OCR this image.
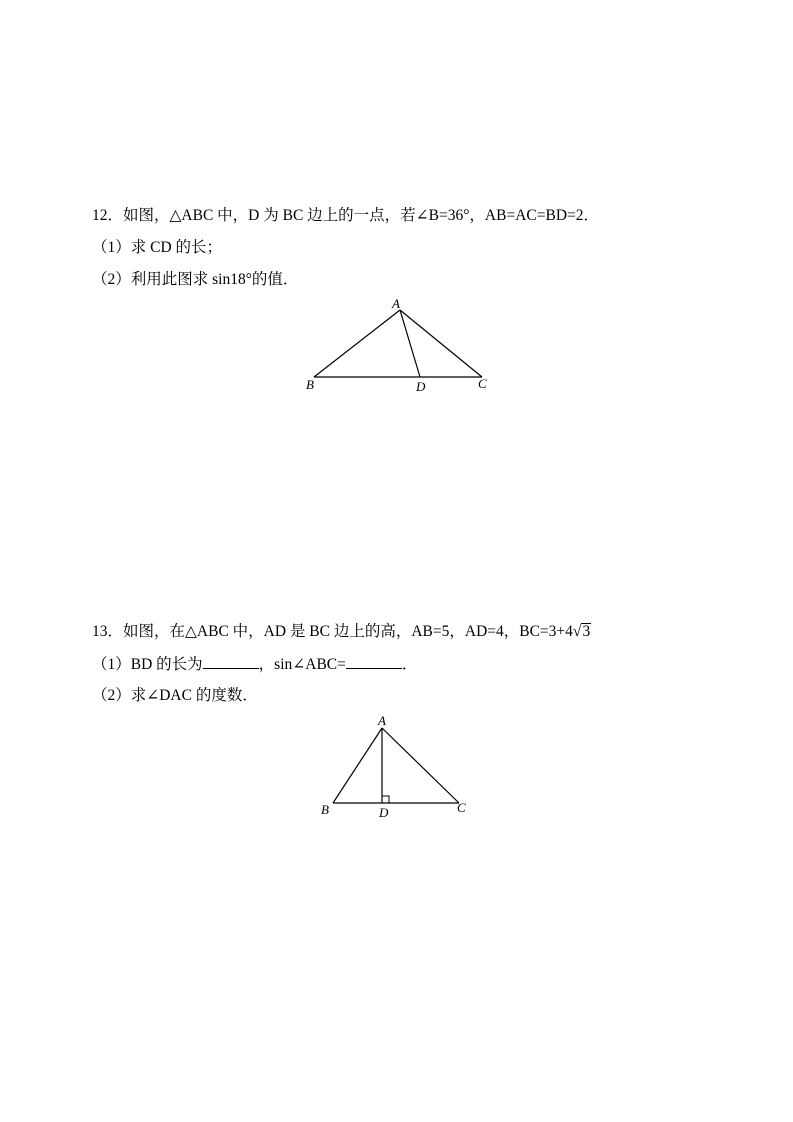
12．如图，△ABC 中，D 为 BC 边上的一点，若∠B=36°，AB=AC=BD=2．
（1）求 CD 的长；
（2）利用此图求 sin18°的值．
A
B	D	C
13．如图，在△ABC 中，AD 是 BC 边上的高，AB=5，AD=4，BC=3+4√3
（1）BD 的长为	，sin∠ABC=	．
（2）求∠DAC 的度数．
A
B	D	C
